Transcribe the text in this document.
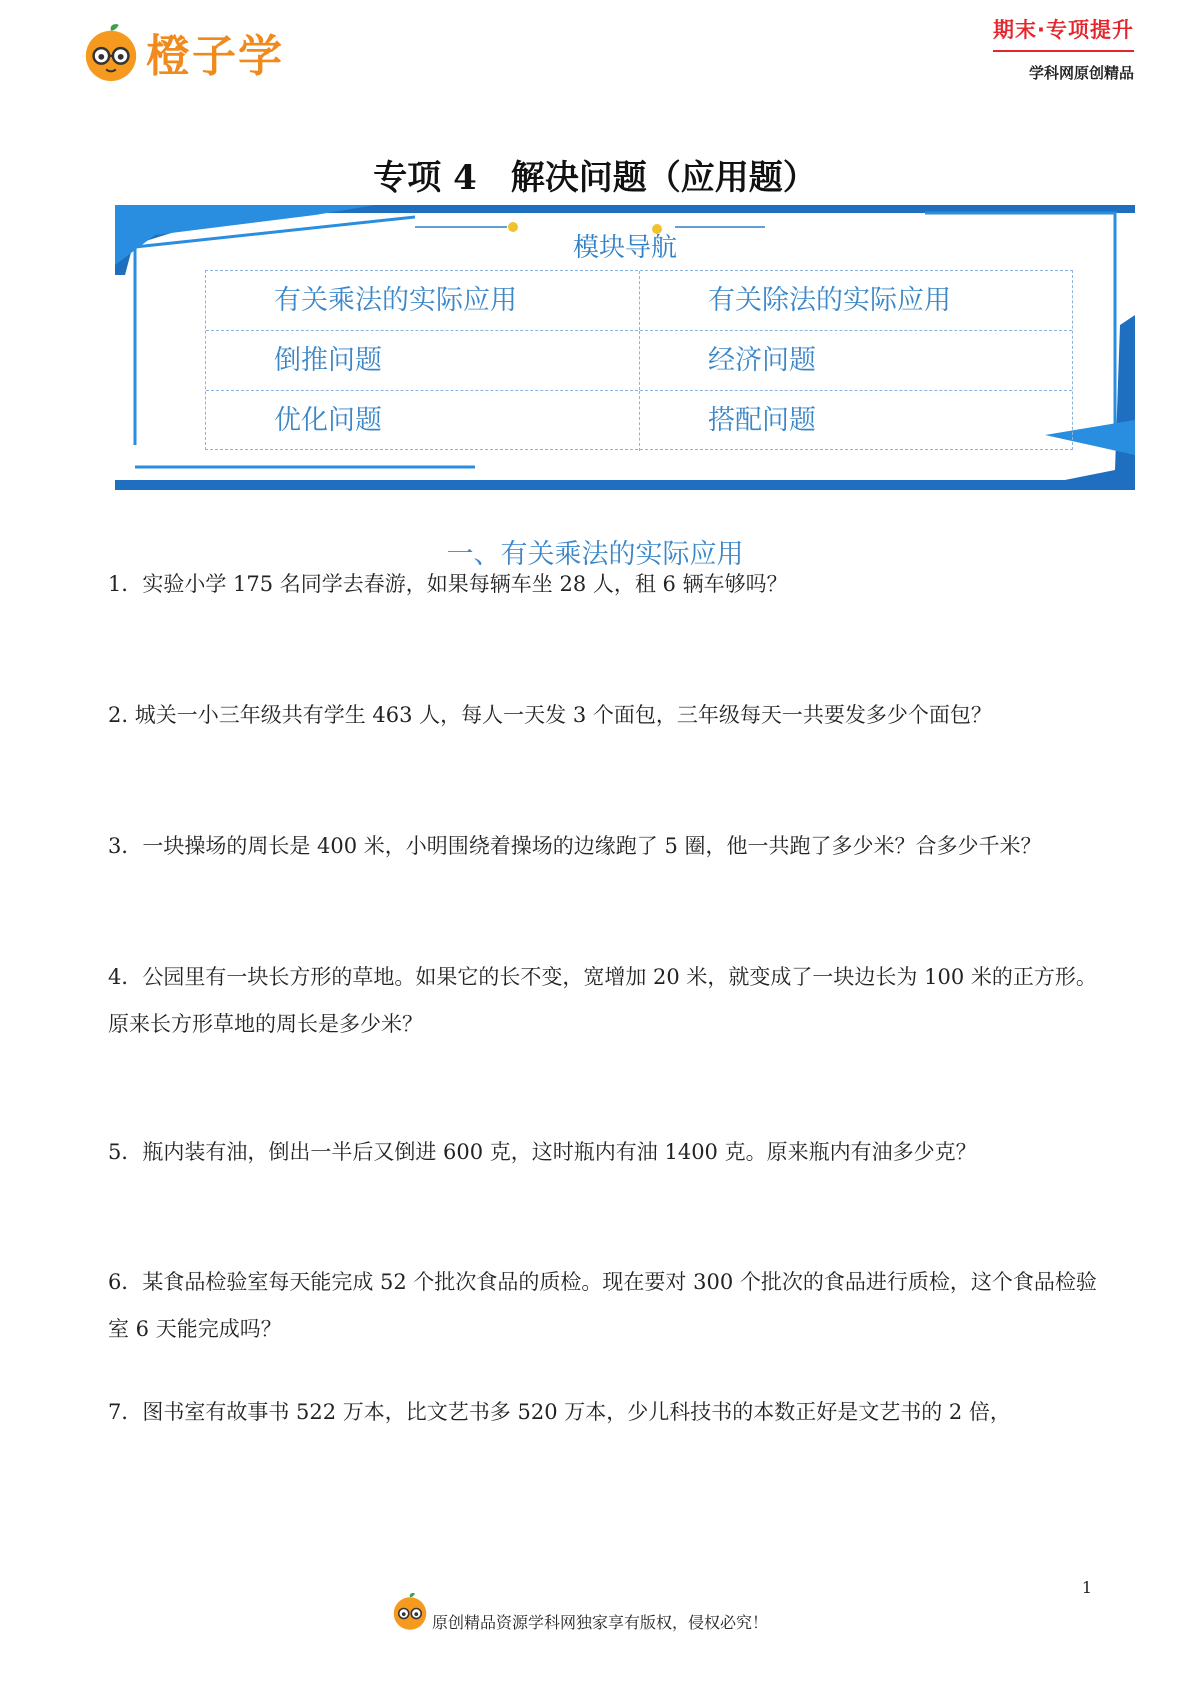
橙子学
期末·专项提升
学科网原创精品
专项 4　解决问题（应用题）
模块导航
有关乘法的实际应用	有关除法的实际应用
倒推问题	经济问题
优化问题	搭配问题
一、有关乘法的实际应用
1．实验小学 175 名同学去春游，如果每辆车坐 28 人，租 6 辆车够吗？
2. 城关一小三年级共有学生 463 人，每人一天发 3 个面包，三年级每天一共要发多少个面包？
3．一块操场的周长是 400 米，小明围绕着操场的边缘跑了 5 圈，他一共跑了多少米？合多少千米？
4．公园里有一块长方形的草地。如果它的长不变，宽增加 20 米，就变成了一块边长为 100 米的正方形。原来长方形草地的周长是多少米？
5．瓶内装有油，倒出一半后又倒进 600 克，这时瓶内有油 1400 克。原来瓶内有油多少克？
6．某食品检验室每天能完成 52 个批次食品的质检。现在要对 300 个批次的食品进行质检，这个食品检验室 6 天能完成吗？
7．图书室有故事书 522 万本，比文艺书多 520 万本，少儿科技书的本数正好是文艺书的 2 倍，
1
原创精品资源学科网独家享有版权，侵权必究！
